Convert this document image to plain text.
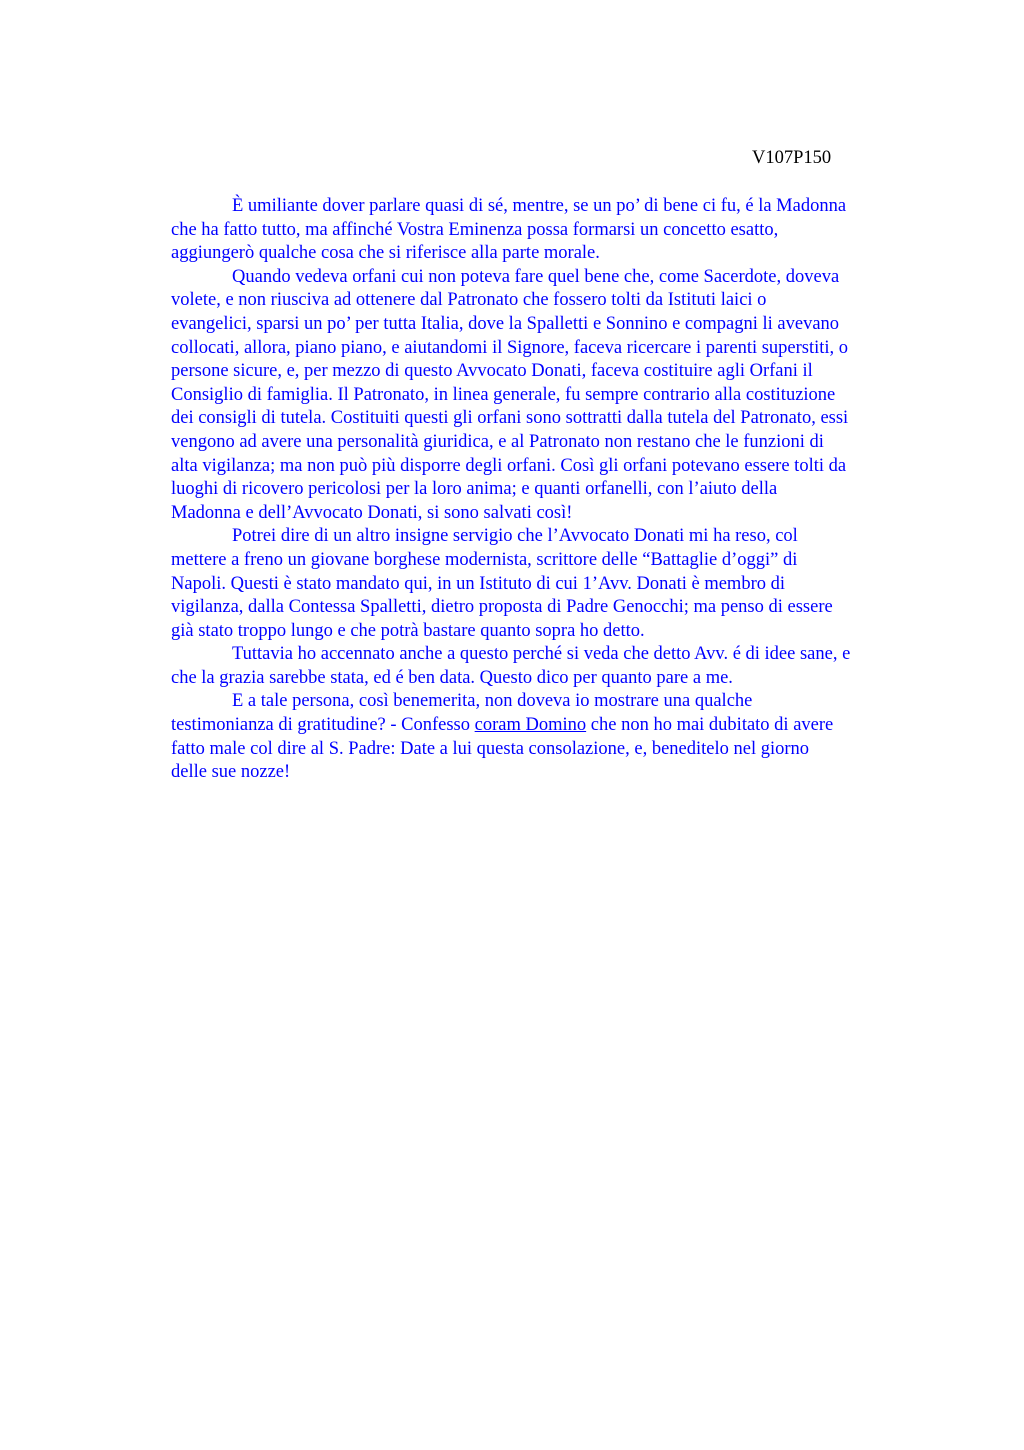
V107P150

È umiliante dover parlare quasi di sé, mentre, se un po’ di bene ci fu, é la Madonna
che ha fatto tutto, ma affinché Vostra Eminenza possa formarsi un concetto esatto,
aggiungerò qualche cosa che si riferisce alla parte morale.
Quando vedeva orfani cui non poteva fare quel bene che, come Sacerdote, doveva
volete, e non riusciva ad ottenere dal Patronato che fossero tolti da Istituti laici o
evangelici, sparsi un po’ per tutta Italia, dove la Spalletti e Sonnino e compagni li avevano
collocati, allora, piano piano, e aiutandomi il Signore, faceva ricercare i parenti superstiti, o
persone sicure, e, per mezzo di questo Avvocato Donati, faceva costituire agli Orfani il
Consiglio di famiglia. Il Patronato, in linea generale, fu sempre contrario alla costituzione
dei consigli di tutela. Costituiti questi gli orfani sono sottratti dalla tutela del Patronato, essi
vengono ad avere una personalità giuridica, e al Patronato non restano che le funzioni di
alta vigilanza; ma non può più disporre degli orfani. Così gli orfani potevano essere tolti da
luoghi di ricovero pericolosi per la loro anima; e quanti orfanelli, con l’aiuto della
Madonna e dell’Avvocato Donati, si sono salvati così!
Potrei dire di un altro insigne servigio che l’Avvocato Donati mi ha reso, col
mettere a freno un giovane borghese modernista, scrittore delle “Battaglie d’oggi” di
Napoli. Questi è stato mandato qui, in un Istituto di cui 1’Avv. Donati è membro di
vigilanza, dalla Contessa Spalletti, dietro proposta di Padre Genocchi; ma penso di essere
già stato troppo lungo e che potrà bastare quanto sopra ho detto.
Tuttavia ho accennato anche a questo perché si veda che detto Avv. é di idee sane, e
che la grazia sarebbe stata, ed é ben data. Questo dico per quanto pare a me.
E a tale persona, così benemerita, non doveva io mostrare una qualche
testimonianza di gratitudine? - Confesso coram Domino che non ho mai dubitato di avere
fatto male col dire al S. Padre: Date a lui questa consolazione, e, beneditelo nel giorno
delle sue nozze!
